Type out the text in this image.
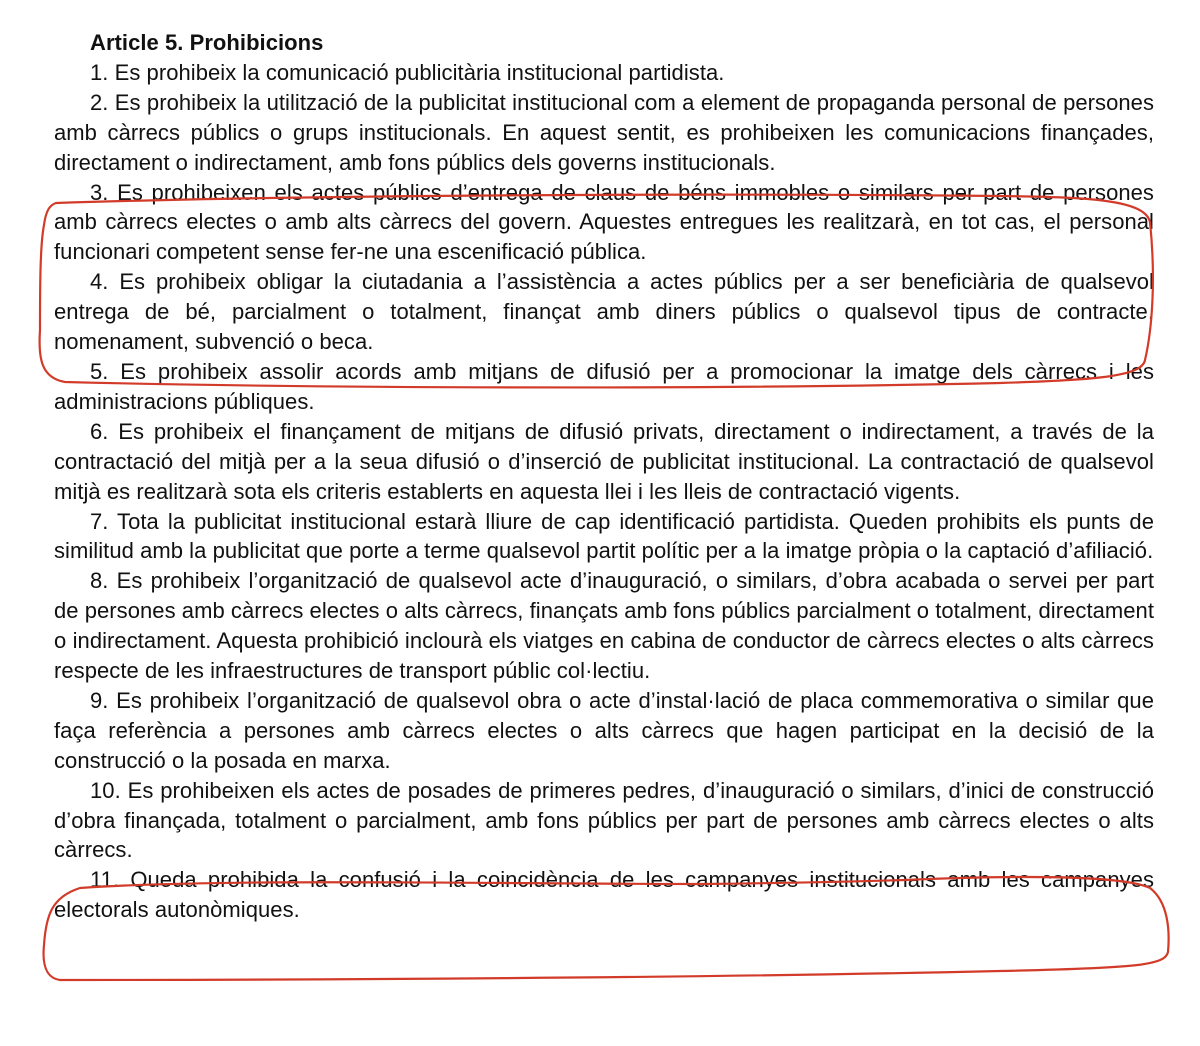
Article 5. Prohibicions

1. Es prohibeix la comunicació publicitària institucional partidista.

2. Es prohibeix la utilització de la publicitat institucional com a element de propaganda personal de persones amb càrrecs públics o grups institucionals. En aquest sentit, es prohibeixen les comunicacions finançades, directament o indirectament, amb fons públics dels governs institucionals.

3. Es prohibeixen els actes públics d’entrega de claus de béns immobles o similars per part de persones amb càrrecs electes o amb alts càrrecs del govern. Aquestes entregues les realitzarà, en tot cas, el personal funcionari competent sense fer-ne una escenificació pública.

4. Es prohibeix obligar la ciutadania a l’assistència a actes públics per a ser beneficiària de qualsevol entrega de bé, parcialment o totalment, finançat amb diners públics o qualsevol tipus de contracte, nomenament, subvenció o beca.

5. Es prohibeix assolir acords amb mitjans de difusió per a promocionar la imatge dels càrrecs i les administracions públiques.

6. Es prohibeix el finançament de mitjans de difusió privats, directament o indirectament, a través de la contractació del mitjà per a la seua difusió o d’inserció de publicitat institucional. La contractació de qualsevol mitjà es realitzarà sota els criteris establerts en aquesta llei i les lleis de contractació vigents.

7. Tota la publicitat institucional estarà lliure de cap identificació partidista. Queden prohibits els punts de similitud amb la publicitat que porte a terme qualsevol partit polític per a la imatge pròpia o la captació d’afiliació.

8. Es prohibeix l’organització de qualsevol acte d’inauguració, o similars, d’obra acabada o servei per part de persones amb càrrecs electes o alts càrrecs, finançats amb fons públics parcialment o totalment, directament o indirectament. Aquesta prohibició inclourà els viatges en cabina de conductor de càrrecs electes o alts càrrecs respecte de les infraestructures de transport públic col·lectiu.

9. Es prohibeix l’organització de qualsevol obra o acte d’instal·lació de placa commemorativa o similar que faça referència a persones amb càrrecs electes o alts càrrecs que hagen participat en la decisió de la construcció o la posada en marxa.

10. Es prohibeixen els actes de posades de primeres pedres, d’inauguració o similars, d’inici de construcció d’obra finançada, totalment o parcialment, amb fons públics per part de persones amb càrrecs electes o alts càrrecs.

11. Queda prohibida la confusió i la coincidència de les campanyes institucionals amb les campanyes electorals autonòmiques.
